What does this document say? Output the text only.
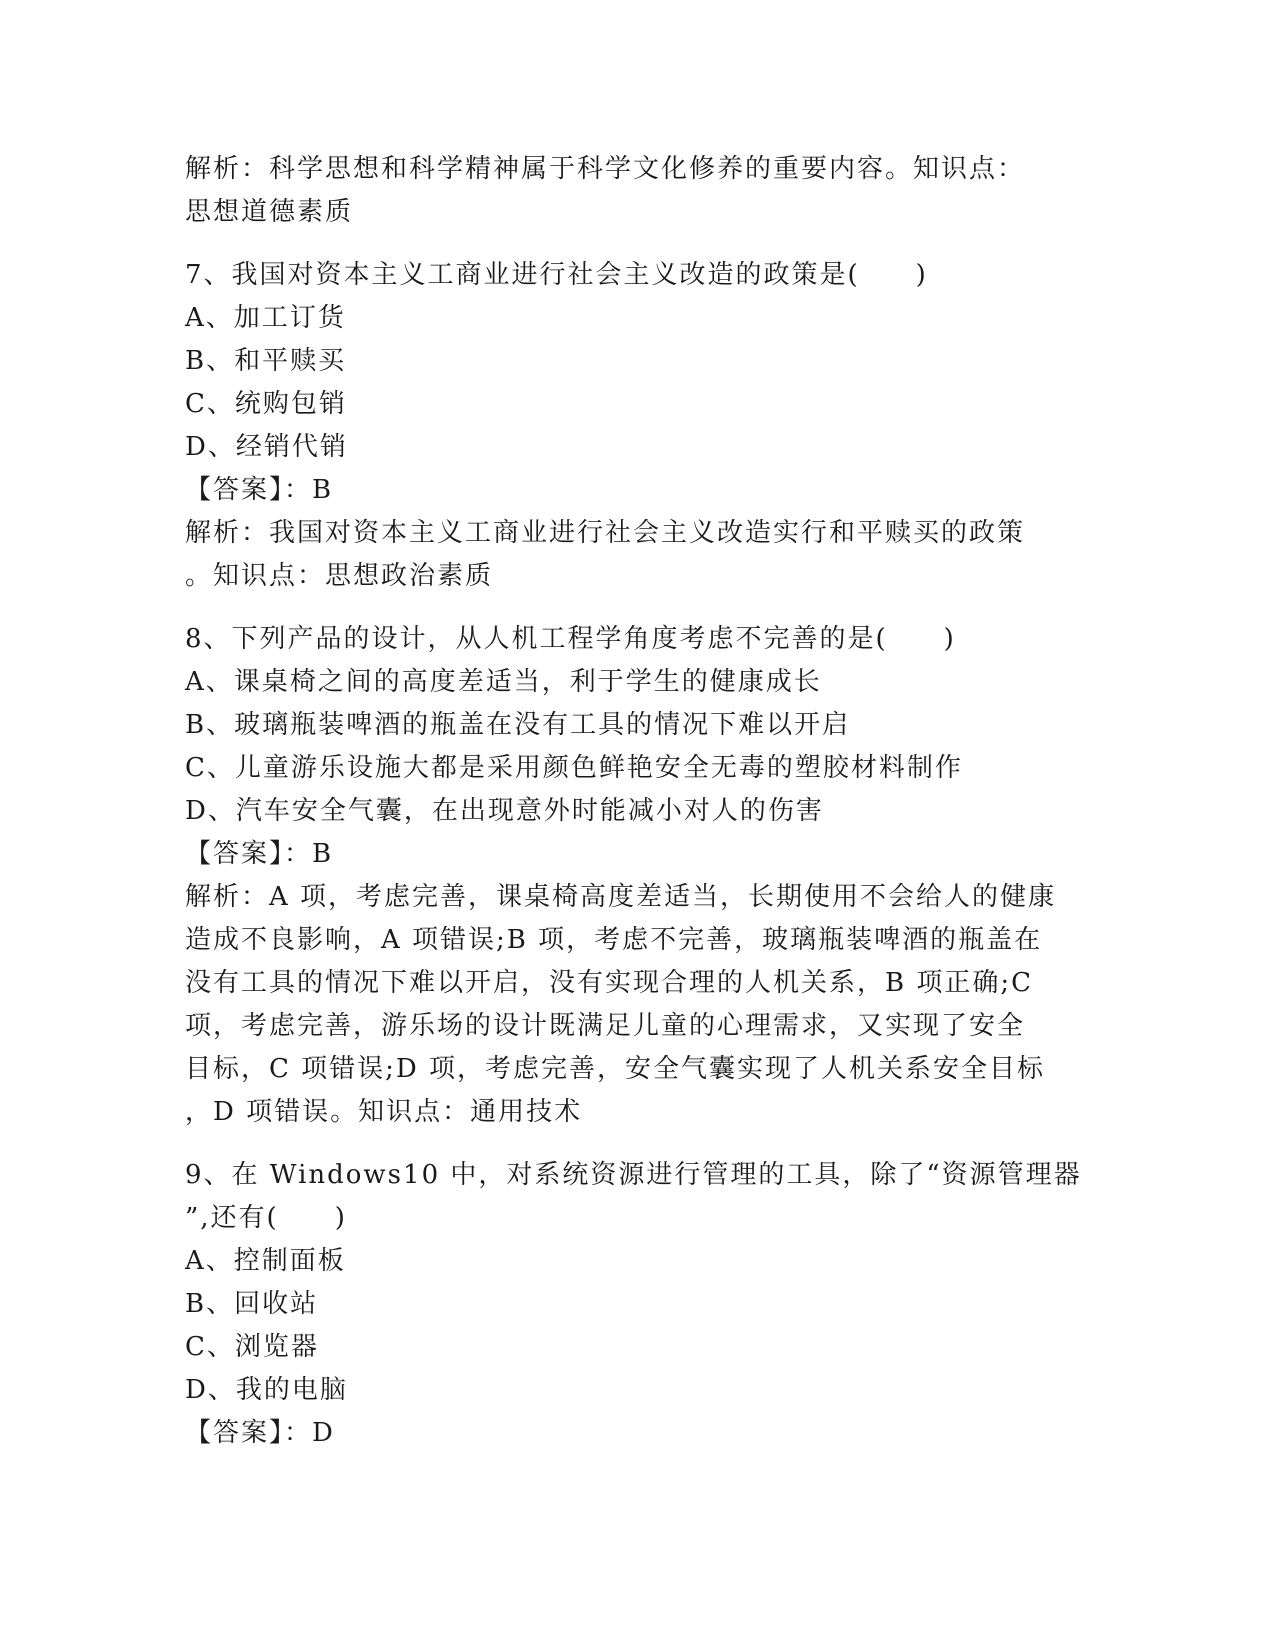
解析：科学思想和科学精神属于科学文化修养的重要内容。知识点：
思想道德素质
7、我国对资本主义工商业进行社会主义改造的政策是(　　)
A、加工订货
B、和平赎买
C、统购包销
D、经销代销
【答案】：B
解析：我国对资本主义工商业进行社会主义改造实行和平赎买的政策
。知识点：思想政治素质
8、下列产品的设计，从人机工程学角度考虑不完善的是(　　)
A、课桌椅之间的高度差适当，利于学生的健康成长
B、玻璃瓶装啤酒的瓶盖在没有工具的情况下难以开启
C、儿童游乐设施大都是采用颜色鲜艳安全无毒的塑胶材料制作
D、汽车安全气囊，在出现意外时能减小对人的伤害
【答案】：B
解析：A 项，考虑完善，课桌椅高度差适当，长期使用不会给人的健康
造成不良影响，A 项错误;B 项，考虑不完善，玻璃瓶装啤酒的瓶盖在
没有工具的情况下难以开启，没有实现合理的人机关系，B 项正确;C
项，考虑完善，游乐场的设计既满足儿童的心理需求，又实现了安全
目标，C 项错误;D 项，考虑完善，安全气囊实现了人机关系安全目标
，D 项错误。知识点：通用技术
9、在 Windows10 中，对系统资源进行管理的工具，除了“资源管理器
”,还有(　　)
A、控制面板
B、回收站
C、浏览器
D、我的电脑
【答案】：D
